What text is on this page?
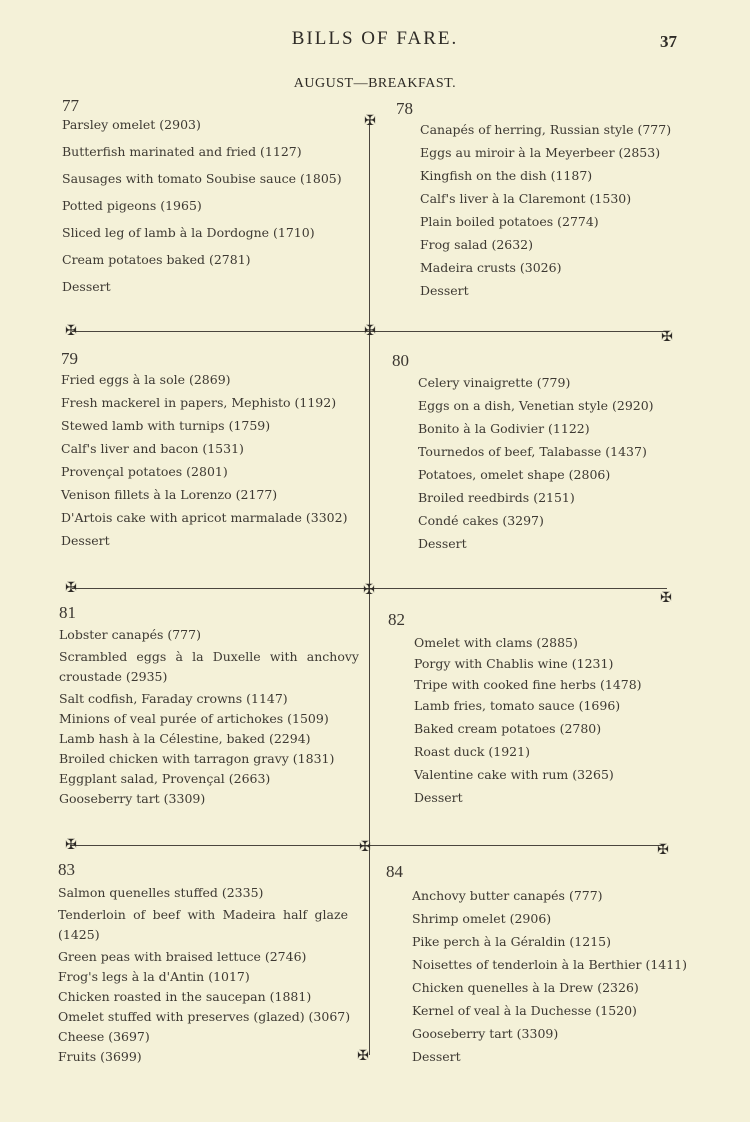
BILLS OF FARE.	37
AUGUST—BREAKFAST.
✠
✠	✠	✠
✠	✠	✠
✠	✠	✠
✠
77
Parsley omelet (2903)
Butterfish marinated and fried (1127)
Sausages with tomato Soubise sauce (1805)
Potted pigeons (1965)
Sliced leg of lamb à la Dordogne (1710)
Cream potatoes baked (2781)
Dessert
78
Canapés of herring, Russian style (777)
Eggs au miroir à la Meyerbeer (2853)
Kingfish on the dish (1187)
Calf's liver à la Claremont (1530)
Plain boiled potatoes (2774)
Frog salad (2632)
Madeira crusts (3026)
Dessert
79
Fried eggs à la sole (2869)
Fresh mackerel in papers, Mephisto (1192)
Stewed lamb with turnips (1759)
Calf's liver and bacon (1531)
Provençal potatoes (2801)
Venison fillets à la Lorenzo (2177)
D'Artois cake with apricot marmalade (3302)
Dessert
80
Celery vinaigrette (779)
Eggs on a dish, Venetian style (2920)
Bonito à la Godivier (1122)
Tournedos of beef, Talabasse (1437)
Potatoes, omelet shape (2806)
Broiled reedbirds (2151)
Condé cakes (3297)
Dessert
81
Lobster canapés (777)
Scrambled eggs à la Duxelle with anchovy croustade (2935)
Salt codfish, Faraday crowns (1147)
Minions of veal purée of artichokes (1509)
Lamb hash à la Célestine, baked (2294)
Broiled chicken with tarragon gravy (1831)
Eggplant salad, Provençal (2663)
Gooseberry tart (3309)
82
Omelet with clams (2885)
Porgy with Chablis wine (1231)
Tripe with cooked fine herbs (1478)
Lamb fries, tomato sauce (1696)
Baked cream potatoes (2780)
Roast duck (1921)
Valentine cake with rum (3265)
Dessert
83
Salmon quenelles stuffed (2335)
Tenderloin of beef with Madeira half glaze (1425)
Green peas with braised lettuce (2746)
Frog's legs à la d'Antin (1017)
Chicken roasted in the saucepan (1881)
Omelet stuffed with preserves (glazed) (3067)
Cheese (3697)
Fruits (3699)
84
Anchovy butter canapés (777)
Shrimp omelet (2906)
Pike perch à la Géraldin (1215)
Noisettes of tenderloin à la Berthier (1411)
Chicken quenelles à la Drew (2326)
Kernel of veal à la Duchesse (1520)
Gooseberry tart (3309)
Dessert
